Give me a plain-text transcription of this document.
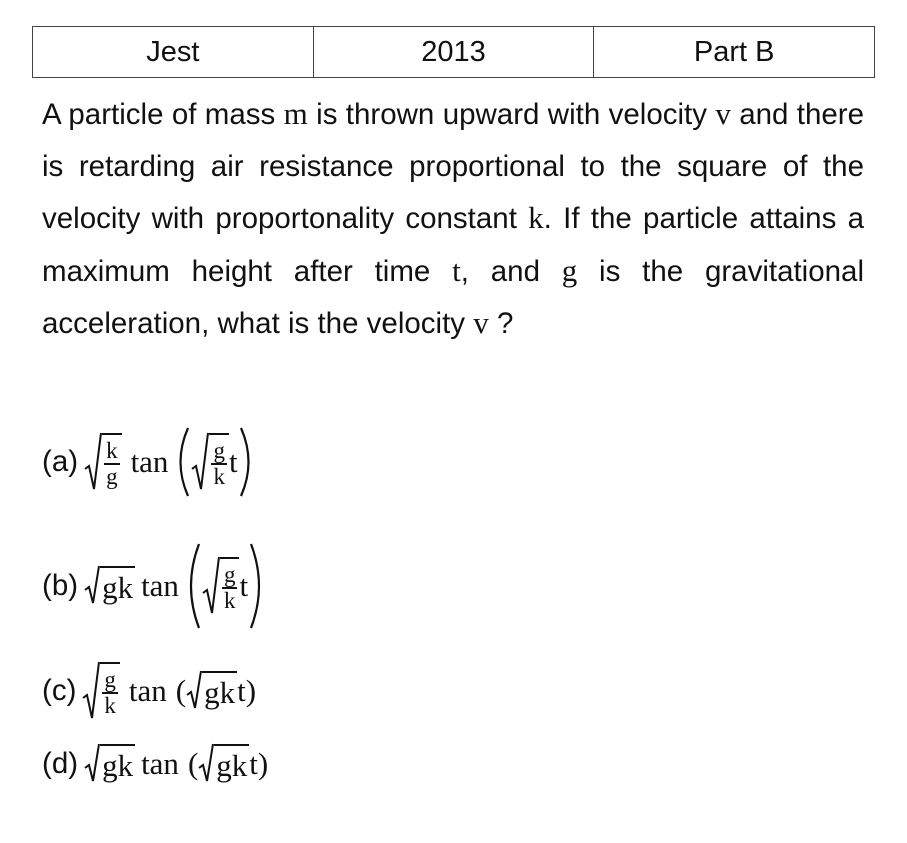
Jest	2013	Part B

A particle of mass m is thrown upward with velocity v and there is retarding air resistance proportional to the square of the velocity with proportonality constant k. If the particle attains a maximum height after time t, and g is the gravitational acceleration, what is the velocity v ?

$(a) \frac{k}{g}$ $\tan \frac{g}{k}$ t
(b) gk $\tan \frac{g}{k}$ t
$(c) \frac{g}{k}$ tan ( gk t )
(d) gk tan ( gk t )
